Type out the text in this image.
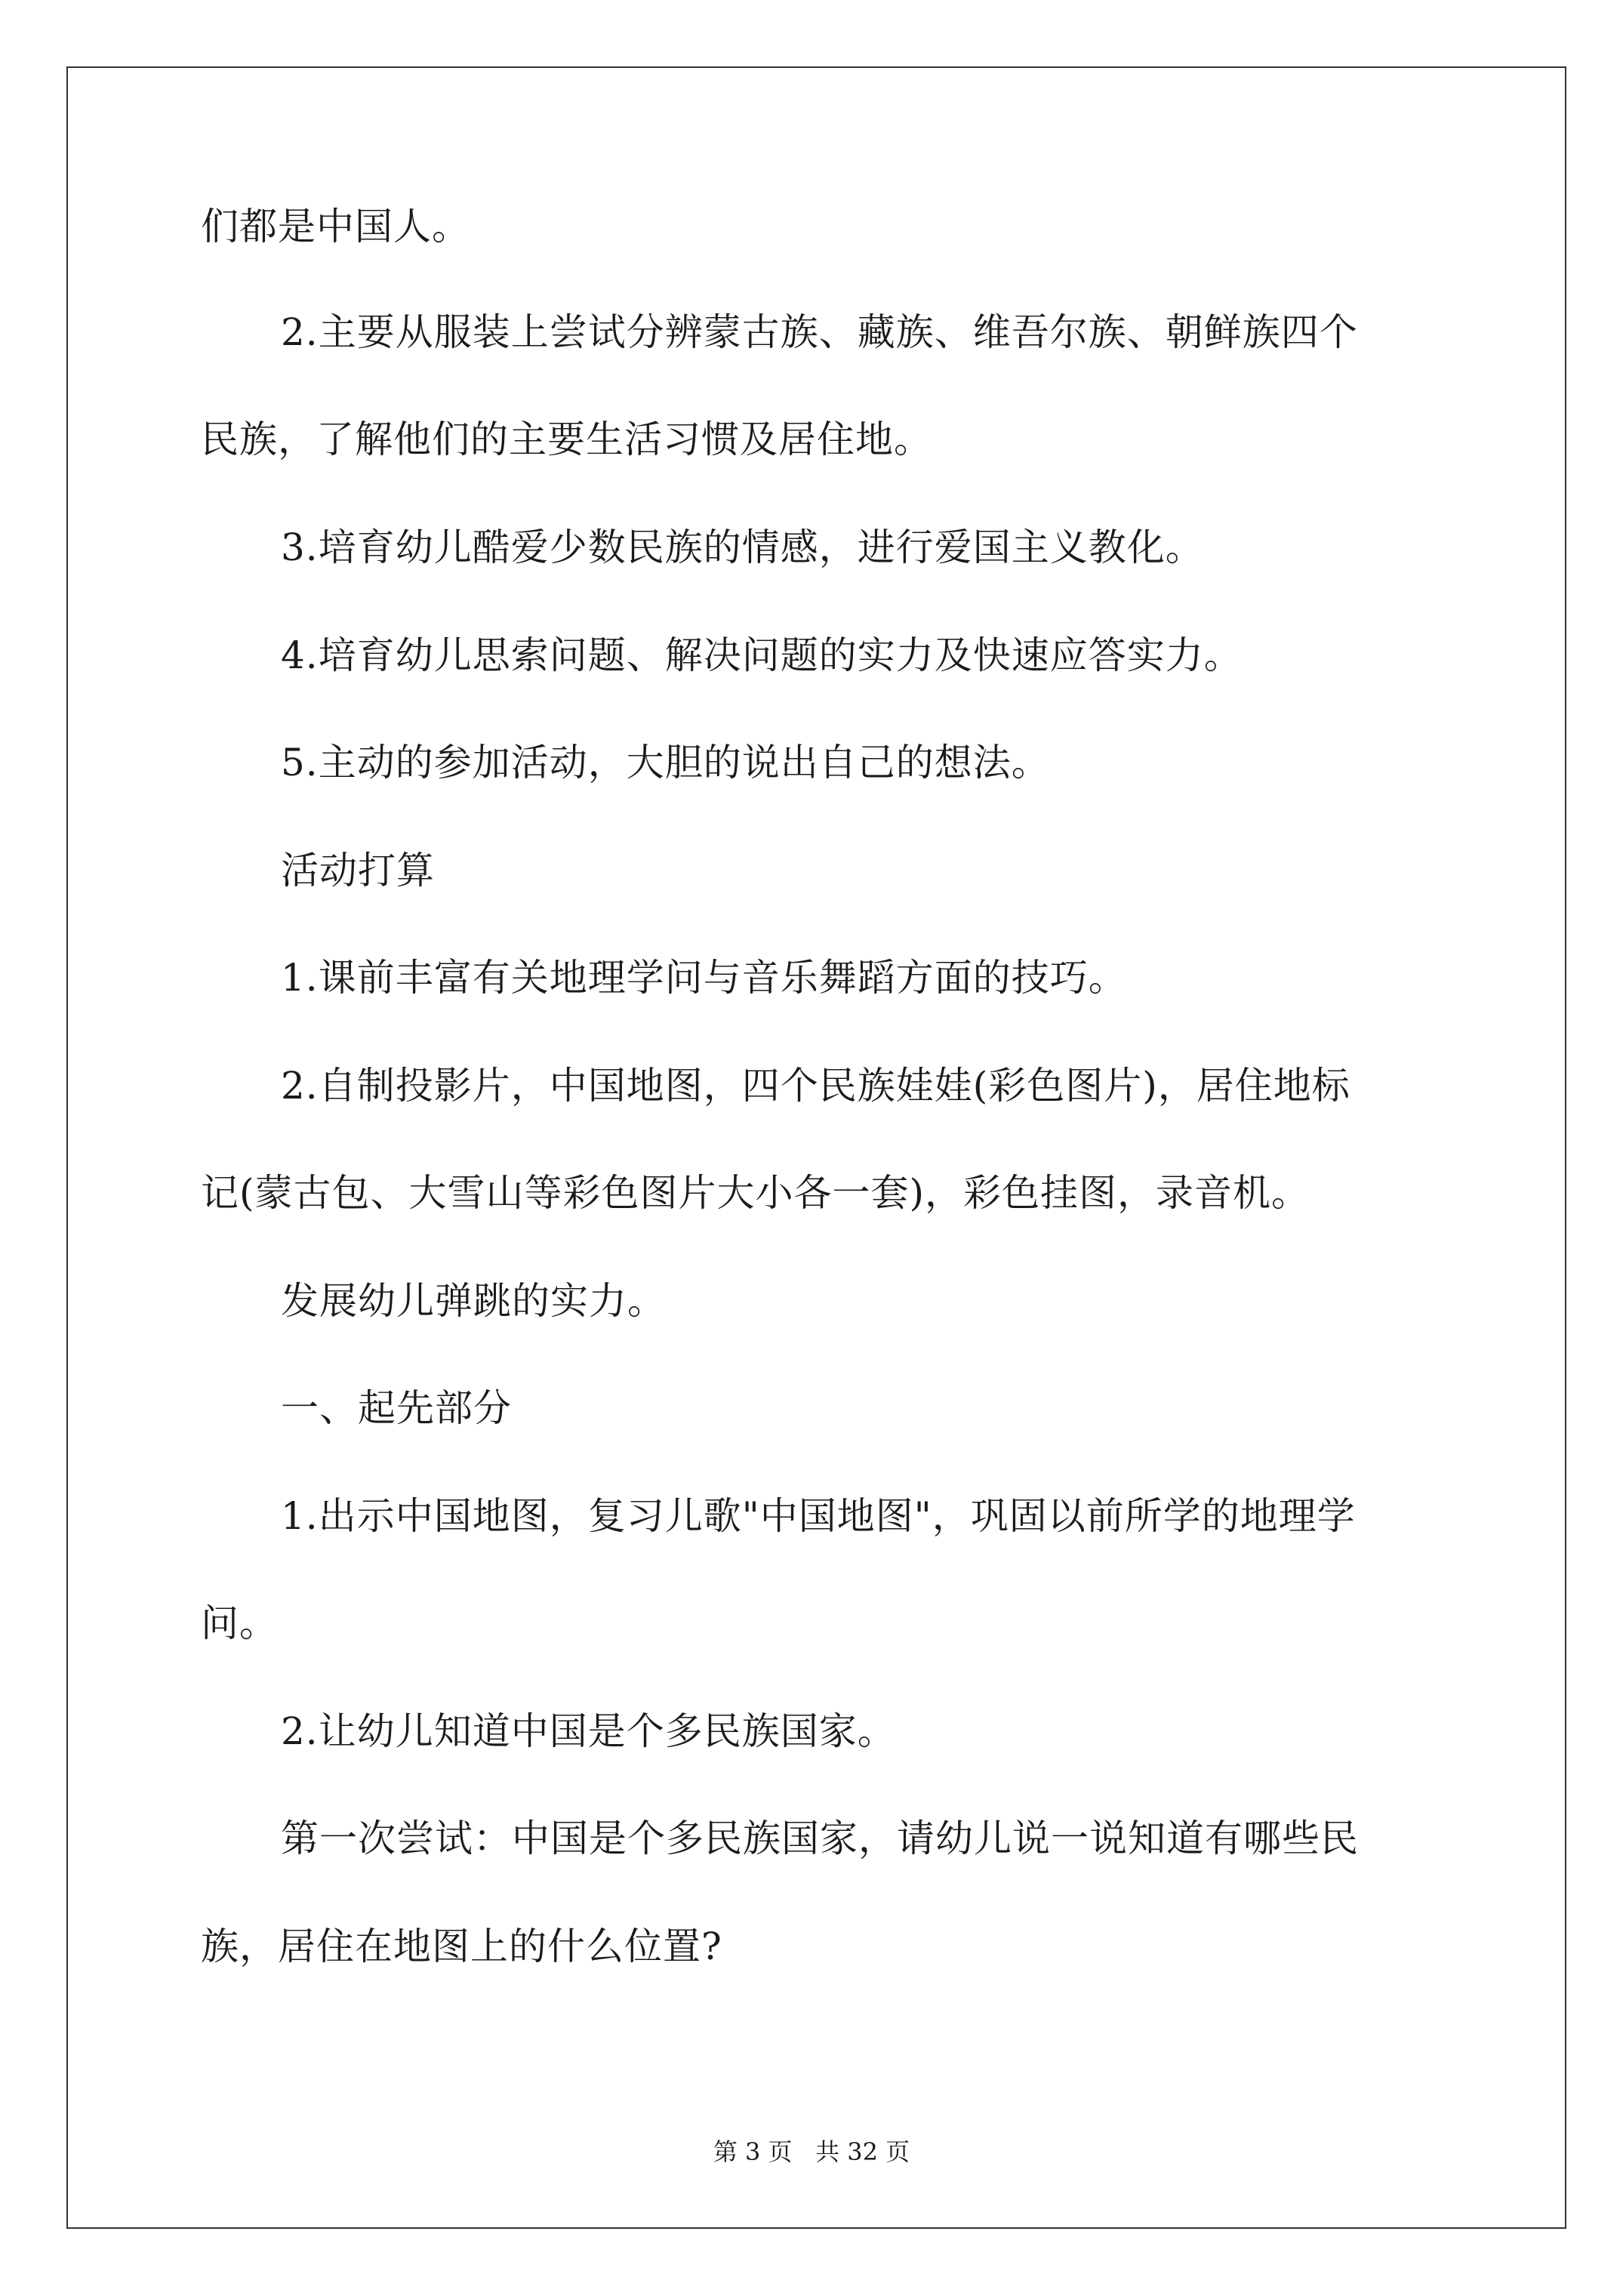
们都是中国人。
2.主要从服装上尝试分辨蒙古族、藏族、维吾尔族、朝鲜族四个
民族，了解他们的主要生活习惯及居住地。
3.培育幼儿酷爱少数民族的情感，进行爱国主义教化。
4.培育幼儿思索问题、解决问题的实力及快速应答实力。
5.主动的参加活动，大胆的说出自己的想法。
活动打算
1.课前丰富有关地理学问与音乐舞蹈方面的技巧。
2.自制投影片，中国地图，四个民族娃娃(彩色图片)，居住地标
记(蒙古包、大雪山等彩色图片大小各一套)，彩色挂图，录音机。
发展幼儿弹跳的实力。
一、起先部分
1.出示中国地图，复习儿歌"中国地图"，巩固以前所学的地理学
问。
2.让幼儿知道中国是个多民族国家。
第一次尝试：中国是个多民族国家，请幼儿说一说知道有哪些民
族，居住在地图上的什么位置?
第 3 页   共 32 页
